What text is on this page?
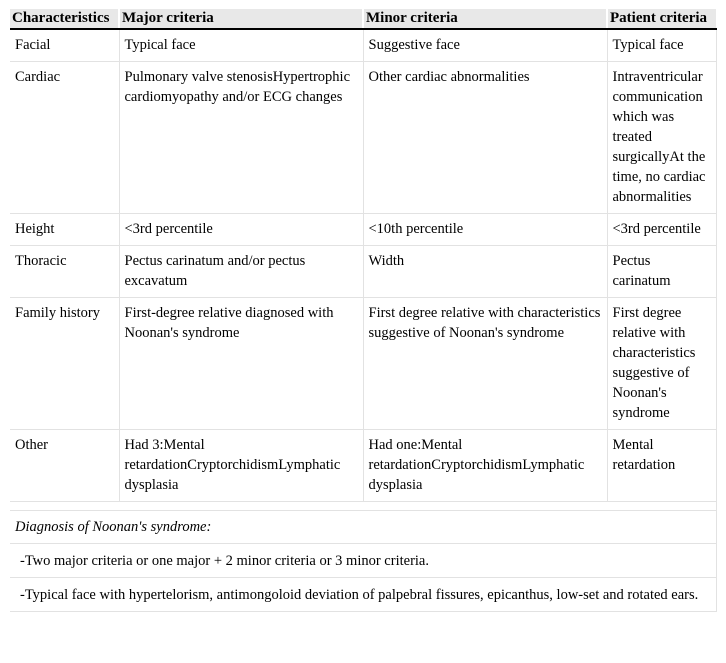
Characteristics	Major criteria	Minor criteria	Patient criteria
Facial	Typical face	Suggestive face	Typical face
Cardiac	Pulmonary valve stenosisHypertrophic cardiomyopathy and/or ECG changes	Other cardiac abnormalities	Intraventricular communication which was treated surgicallyAt the time, no cardiac abnormalities
Height	<3rd percentile	<10th percentile	<3rd percentile
Thoracic	Pectus carinatum and/or pectus excavatum	Width	Pectus carinatum
Family history	First-degree relative diagnosed with Noonan's syndrome	First degree relative with characteristics suggestive of Noonan's syndrome	First degree relative with characteristics suggestive of Noonan's syndrome
Other	Had 3:Mental retardationCryptorchidismLymphatic dysplasia	Had one:Mental retardationCryptorchidismLymphatic dysplasia	Mental retardation

Diagnosis of Noonan's syndrome:			
-Two major criteria or one major + 2 minor criteria or 3 minor criteria.			
-Typical face with hypertelorism, antimongoloid deviation of palpebral fissures, epicanthus, low-set and rotated ears.			
